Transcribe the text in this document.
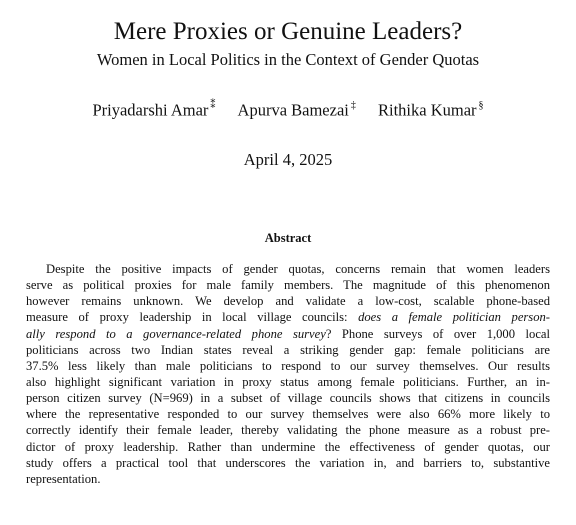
Mere Proxies or Genuine Leaders?
Women in Local Politics in the Context of Gender Quotas
Priyadarshi Amar ⁑ Apurva Bamezai ‡ Rithika Kumar §
April 4, 2025
Abstract
Despite the positive impacts of gender quotas, concerns remain that women leaders
serve as political proxies for male family members. The magnitude of this phenomenon
however remains unknown. We develop and validate a low-cost, scalable phone-based
measure of proxy leadership in local village councils: does a female politician person-
ally respond to a governance-related phone survey? Phone surveys of over 1,000 local
politicians across two Indian states reveal a striking gender gap: female politicians are
37.5% less likely than male politicians to respond to our survey themselves. Our results
also highlight significant variation in proxy status among female politicians. Further, an in-
person citizen survey (N=969) in a subset of village councils shows that citizens in councils
where the representative responded to our survey themselves were also 66% more likely to
correctly identify their female leader, thereby validating the phone measure as a robust pre-
dictor of proxy leadership. Rather than undermine the effectiveness of gender quotas, our
study offers a practical tool that underscores the variation in, and barriers to, substantive
representation.
